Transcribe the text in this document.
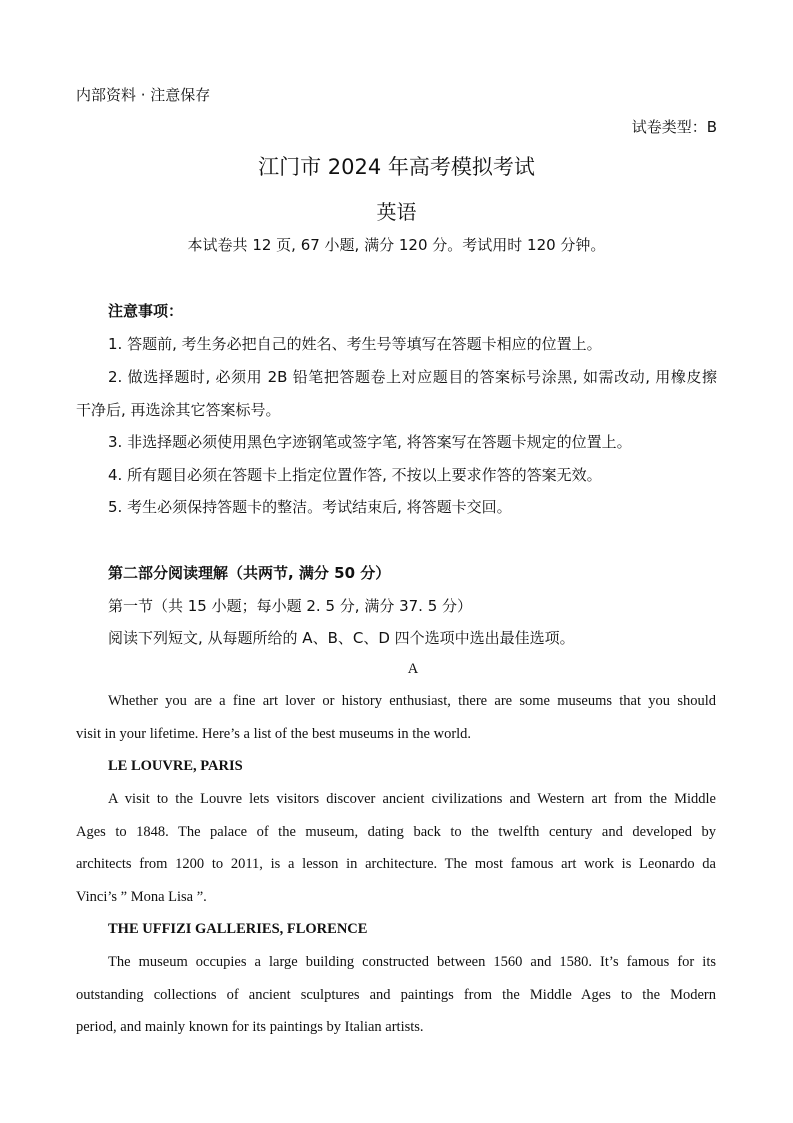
内部资料 · 注意保存
试卷类型：B
江门市 2024 年高考模拟考试
英语
本试卷共 12 页, 67 小题, 满分 120 分。考试用时 120 分钟。
注意事项：
1. 答题前, 考生务必把自己的姓名、考生号等填写在答题卡相应的位置上。
2. 做选择题时, 必须用 2B 铅笔把答题卷上对应题目的答案标号涂黑, 如需改动, 用橡皮擦
干净后, 再选涂其它答案标号。
3. 非选择题必须使用黑色字迹钢笔或签字笔, 将答案写在答题卡规定的位置上。
4. 所有题目必须在答题卡上指定位置作答, 不按以上要求作答的答案无效。
5. 考生必须保持答题卡的整洁。考试结束后, 将答题卡交回。
第二部分阅读理解（共两节, 满分 50 分）
第一节（共 15 小题；每小题 2. 5 分, 满分 37. 5 分）
阅读下列短文, 从每题所给的 A、B、C、D 四个选项中选出最佳选项。
A
Whether you are a fine art lover or history enthusiast, there are some museums that you should
visit in your lifetime. Here’s a list of the best museums in the world.
LE LOUVRE, PARIS
A visit to the Louvre lets visitors discover ancient civilizations and Western art from the Middle
Ages to 1848. The palace of the museum, dating back to the twelfth century and developed by
architects from 1200 to 2011, is a lesson in architecture. The most famous art work is Leonardo da
Vinci’s ” Mona Lisa ”.
THE UFFIZI GALLERIES, FLORENCE
The museum occupies a large building constructed between 1560 and 1580. It’s famous for its
outstanding collections of ancient sculptures and paintings from the Middle Ages to the Modern
period, and mainly known for its paintings by Italian artists.
